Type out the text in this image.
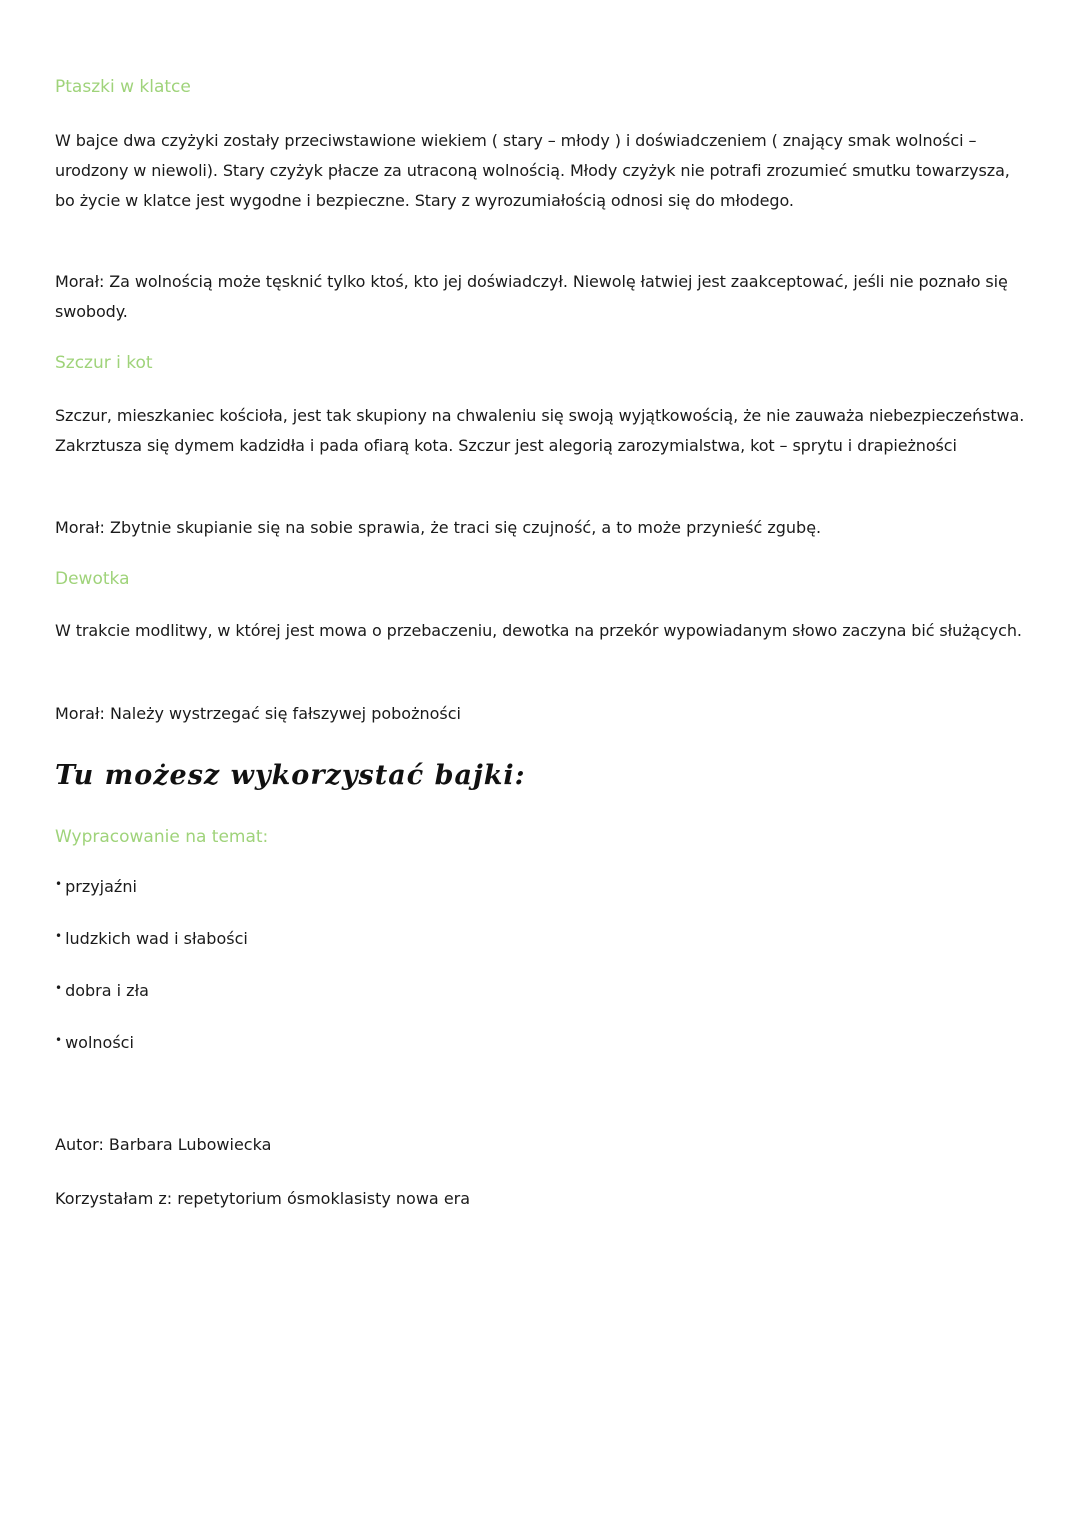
Ptaszki w klatce

W bajce dwa czyżyki zostały przeciwstawione wiekiem ( stary – młody ) i doświadczeniem ( znający smak wolności – urodzony w niewoli). Stary czyżyk płacze za utraconą wolnością. Młody czyżyk nie potrafi zrozumieć smutku towarzysza, bo życie w klatce jest wygodne i bezpieczne. Stary z wyrozumiałością odnosi się do młodego.

Morał: Za wolnością może tęsknić tylko ktoś, kto jej doświadczył. Niewolę łatwiej jest zaakceptować, jeśli nie poznało się swobody.

Szczur i kot

Szczur, mieszkaniec kościoła, jest tak skupiony na chwaleniu się swoją wyjątkowością, że nie zauważa niebezpieczeństwa. Zakrztusza się dymem kadzidła i pada ofiarą kota. Szczur jest alegorią zarozymialstwa, kot – sprytu i drapieżności

Morał: Zbytnie skupianie się na sobie sprawia, że traci się czujność, a to może przynieść zgubę.

Dewotka

W trakcie modlitwy, w której jest mowa o przebaczeniu, dewotka na przekór wypowiadanym słowo zaczyna bić służących.

Morał: Należy wystrzegać się fałszywej pobożności

Tu możesz wykorzystać bajki:
Wypracowanie na temat:
• przyjaźni
• ludzkich wad i słabości
• dobra i zła
• wolności

Autor: Barbara Lubowiecka

Korzystałam z: repetytorium ósmoklasisty nowa era
